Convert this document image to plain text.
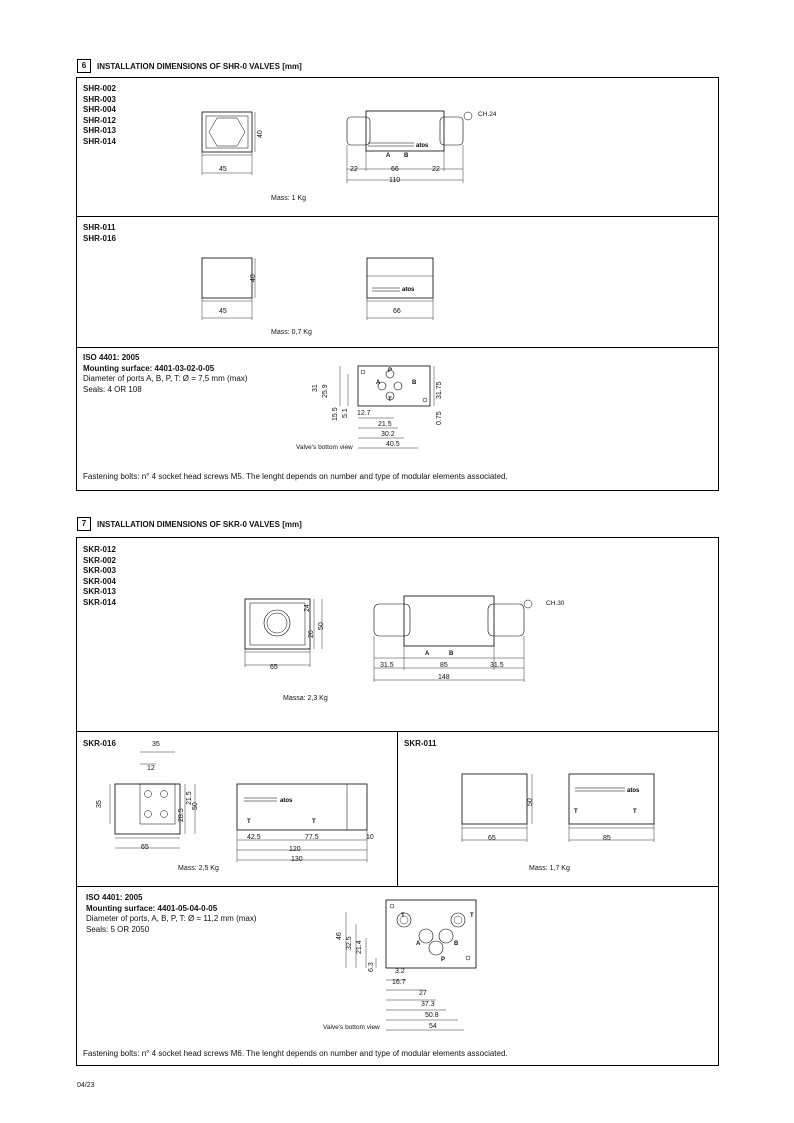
6	INSTALLATION DIMENSIONS OF SHR-0 VALVES [mm]
SHR-002
SHR-003
SHR-004
SHR-012
SHR-013
SHR-014
40
45
atos
CH.24
A B
22	66	22
110
Mass: 1 Kg
SHR-011
SHR-016
40
45
atos
66
Mass: 0,7 Kg
ISO 4401: 2005
Mounting surface: 4401-03-02-0-05
Diameter of ports A, B, P, T: Ø = 7,5 mm (max)
Seals: 4 OR 108
P
A	B
T
31 25.9
15.5 5.1
31.75
0.75
12.7
21.5
30.2
40.5
Valve's bottom view
Fastening bolts: n° 4 socket head screws M5. The lenght depends on number and type of modular elements associated.
7	INSTALLATION DIMENSIONS OF SKR-0 VALVES [mm]
SKR-012
SKR-002
SKR-003
SKR-004
SKR-013
SKR-014
24
26
50
65
CH.30
A	B
31.5	85	31.5
148
Massa: 2,3 Kg
SKR-016	35
12
35
28.5
21.5
50
65
atos
T	T
42.5	77.5	10
120
130
Mass: 2,5 Kg
SKR-011
50
65
atos
T	T
85
Mass: 1,7 Kg
ISO 4401: 2005
Mounting surface: 4401-05-04-0-05
Diameter of ports, A, B, P, T: Ø = 11,2 mm (max)
Seals: 5 OR 2050
T	T
A	B
P
46
32.5 21.4
6.3	3.2
16.7
27
37.3
50.8
54
Valve's bottom view
Fastening bolts: n° 4 socket head screws M6. The lenght depends on number and type of modular elements associated.
04/23
